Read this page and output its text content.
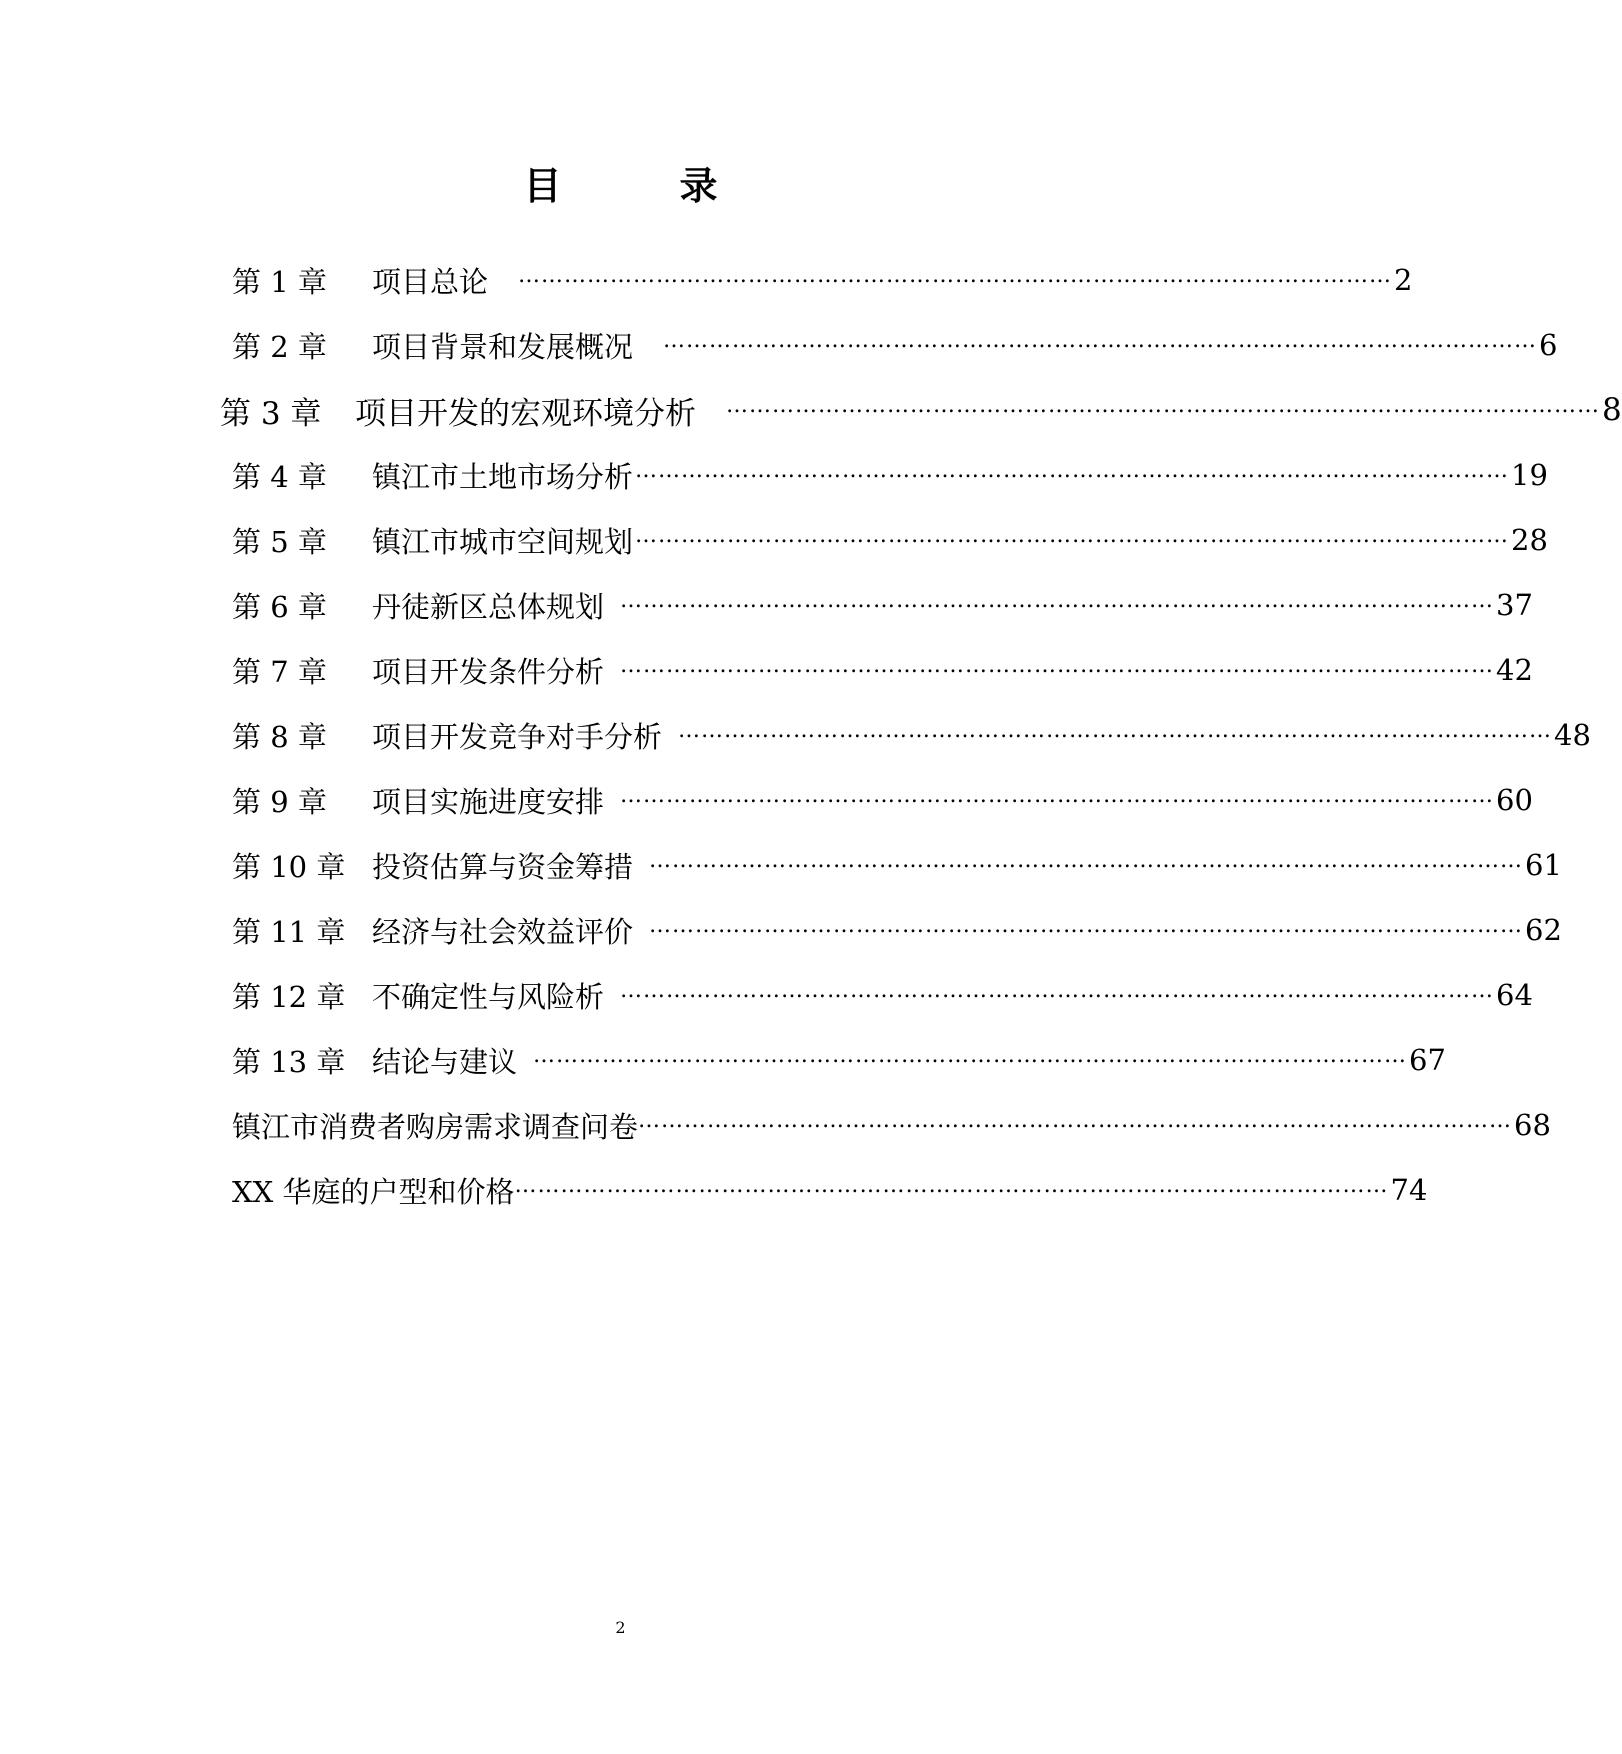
目　录
第 1 章	项目总论 …………………………………………………………………………………………………… 2
第 2 章	项目背景和发展概况 …………………………………………………………………………………………………… 6
第 3 章	项目开发的宏观环境分析 …………………………………………………………………………………………………… 8
第 4 章	镇江市土地市场分析 …………………………………………………………………………………………………… 19
第 5 章	镇江市城市空间规划 …………………………………………………………………………………………………… 28
第 6 章	丹徒新区总体规划 …………………………………………………………………………………………………… 37
第 7 章	项目开发条件分析 …………………………………………………………………………………………………… 42
第 8 章	项目开发竞争对手分析 …………………………………………………………………………………………………… 48
第 9 章	项目实施进度安排 …………………………………………………………………………………………………… 60
第 10 章 投资估算与资金筹措 …………………………………………………………………………………………………… 61
第 11 章 经济与社会效益评价 …………………………………………………………………………………………………… 62
第 12 章 不确定性与风险析 …………………………………………………………………………………………………… 64
第 13 章 结论与建议 …………………………………………………………………………………………………… 67
镇江市消费者购房需求调查问卷 …………………………………………………………………………………………………… 68
XX 华庭的户型和价格 …………………………………………………………………………………………………… 74
2
